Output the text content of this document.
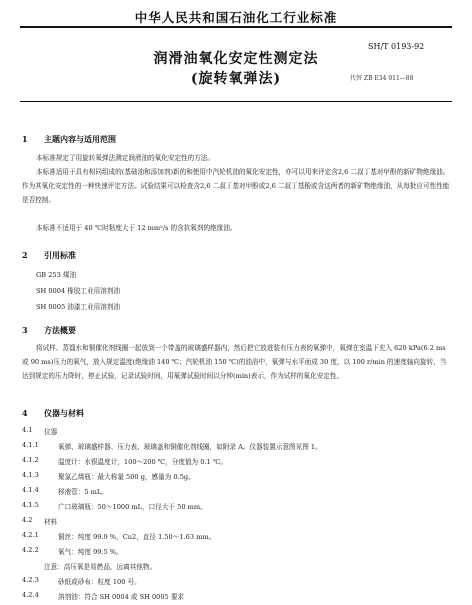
中华人民共和国石油化工行业标准
SH/T 0193-92
润滑油氧化安定性测定法
(旋转氧弹法)	代替 ZB E34 011—88
1 主题内容与适用范围
本标准规定了用旋转氧弹法测定润滑油的氧化安定性的方法。
本标准适用于具有相同组成的(基础油和添加剂)新的和使用中汽轮机油的氧化安定性，亦可以用来评定含2,6 二叔丁基对甲酚的新矿物绝缘油。作为其氧化安定性的一种快速评定方法。试验结果可以检查含2,6 二叔丁基对甲酚或2,6 二叔丁基酚或含这两者的新矿物绝缘油，从每批应可性性能是否控制。
本标准不适用于 40 ℃时粘度大于 12 mm²/s 的含抗氧剂的绝缘油。
2 引用标准
GB 253 煤油
SH 0004 橡胶工业用溶剂油
SH 0005 油漆工业用溶剂油
3 方法概要
将试样、蒸馏水和铜催化剂线圈一起放到一个带盖的玻璃盛样器内，然后把它放进装有压力表的氧弹中，氧弹在室温下充入 620 kPa(6.2 ms 或 90 ms)压力的氧气，放入规定温度(绝缘油 140 ℃；汽轮机油 150 ℃)的油浴中，氧弹与水平面成 30 度，以 100 r/min 的速度轴向旋转，当达到规定的压力降时，停止试验，记录试验时间，用氧弹试验时间以分钟(min)表示，作为试样的氧化安定性。
4 仪器与材料
4.1 仪器
4.1.1	氧弹、玻璃盛样器、压力表、玻璃盖和铜催化剂线圈，如附录 A。仪器装置示意图见图 1。
4.1.2	温度计：水银温度计，100～200 ℃，分度值为 0.1 ℃。
4.1.3	聚氯乙烯瓶：最大称量 500 g，感量为 0.5g。
4.1.4	移液管：5 mL。
4.1.5	广口玻璃瓶：50～1000 mL，口径大于 50 mm。
4.2 材料
4.2.1	铜丝：纯度 99.9 %，Cu2，直径 1.50～1.63 mm。
4.2.2	氧气：纯度 99.5 %。
注意：高压氧是易燃品，远离其他物。
4.2.3	砂纸或砂布：粒度 100 号。
4.2.4	溶剂油：符合 SH 0004 或 SH 0005 要求
